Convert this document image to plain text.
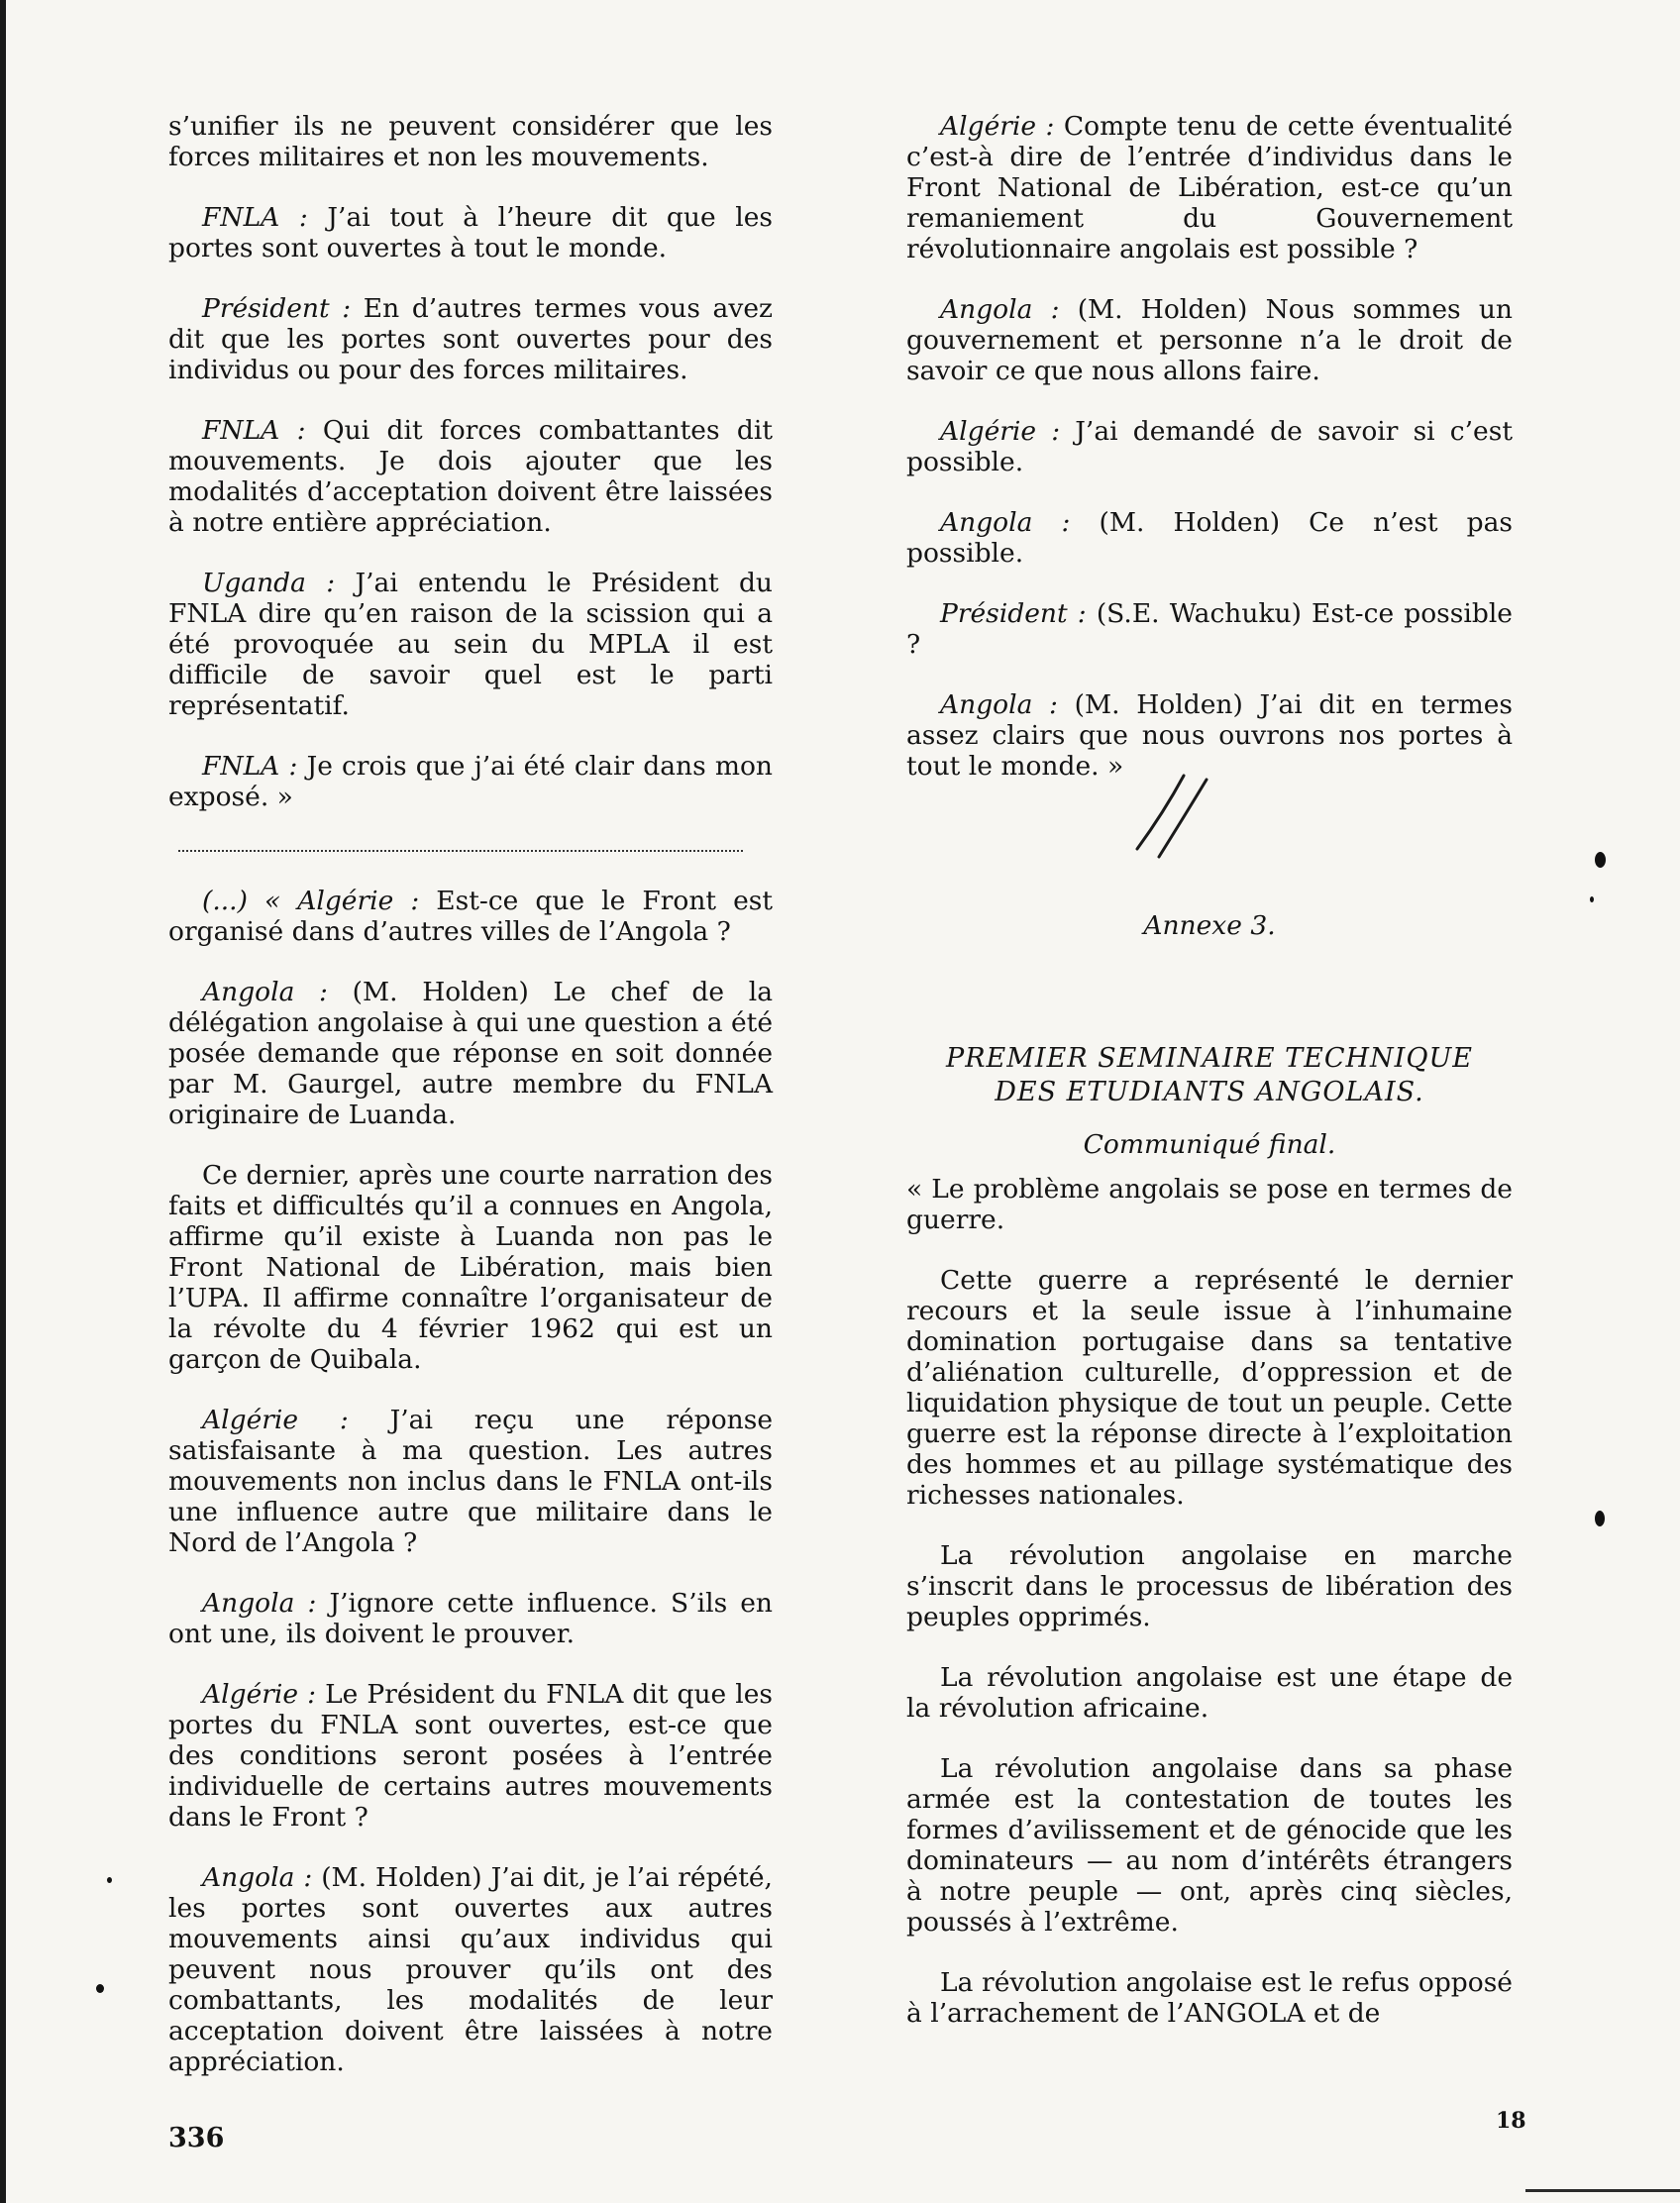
s’unifier ils ne peuvent considérer que les forces militaires et non les mouvements.

FNLA : J’ai tout à l’heure dit que les portes sont ouvertes à tout le monde.

Président : En d’autres termes vous avez dit que les portes sont ouvertes pour des individus ou pour des forces militaires.

FNLA : Qui dit forces combattantes dit mouvements. Je dois ajouter que les modalités d’acceptation doivent être laissées à notre entière appréciation.

Uganda : J’ai entendu le Président du FNLA dire qu’en raison de la scission qui a été provoquée au sein du MPLA il est difficile de savoir quel est le parti représentatif.

FNLA : Je crois que j’ai été clair dans mon exposé. »

(...) « Algérie : Est-ce que le Front est organisé dans d’autres villes de l’Angola ?

Angola : (M. Holden) Le chef de la délégation angolaise à qui une question a été posée demande que réponse en soit donnée par M. Gaurgel, autre membre du FNLA originaire de Luanda.

Ce dernier, après une courte narration des faits et difficultés qu’il a connues en Angola, affirme qu’il existe à Luanda non pas le Front National de Libération, mais bien l’UPA. Il affirme connaître l’organisateur de la révolte du 4 février 1962 qui est un garçon de Quibala.

Algérie : J’ai reçu une réponse satisfaisante à ma question. Les autres mouvements non inclus dans le FNLA ont-ils une influence autre que militaire dans le Nord de l’Angola ?

Angola : J’ignore cette influence. S’ils en ont une, ils doivent le prouver.

Algérie : Le Président du FNLA dit que les portes du FNLA sont ouvertes, est-ce que des conditions seront posées à l’entrée individuelle de certains autres mouvements dans le Front ?

Angola : (M. Holden) J’ai dit, je l’ai répété, les portes sont ouvertes aux autres mouvements ainsi qu’aux individus qui peuvent nous prouver qu’ils ont des combattants, les modalités de leur acceptation doivent être laissées à notre appréciation.

Algérie : Compte tenu de cette éventualité c’est-à dire de l’entrée d’individus dans le Front National de Libération, est-ce qu’un remaniement du Gouvernement révolutionnaire angolais est possible ?

Angola : (M. Holden) Nous sommes un gouvernement et personne n’a le droit de savoir ce que nous allons faire.

Algérie : J’ai demandé de savoir si c’est possible.

Angola : (M. Holden) Ce n’est pas possible.

Président : (S.E. Wachuku) Est-ce possible ?

Angola : (M. Holden) J’ai dit en termes assez clairs que nous ouvrons nos portes à tout le monde. »

Annexe 3.
PREMIER SEMINAIRE TECHNIQUE
DES ETUDIANTS ANGOLAIS.
Communiqué final.

« Le problème angolais se pose en termes de guerre.

Cette guerre a représenté le dernier recours et la seule issue à l’inhumaine domination portugaise dans sa tentative d’aliénation culturelle, d’oppression et de liquidation physique de tout un peuple. Cette guerre est la réponse directe à l’exploitation des hommes et au pillage systématique des richesses nationales.

La révolution angolaise en marche s’inscrit dans le processus de libération des peuples opprimés.

La révolution angolaise est une étape de la révolution africaine.

La révolution angolaise dans sa phase armée est la contestation de toutes les formes d’avilissement et de génocide que les dominateurs — au nom d’intérêts étrangers à notre peuple — ont, après cinq siècles, poussés à l’extrême.

La révolution angolaise est le refus opposé à l’arrachement de l’ANGOLA et de

336
18
